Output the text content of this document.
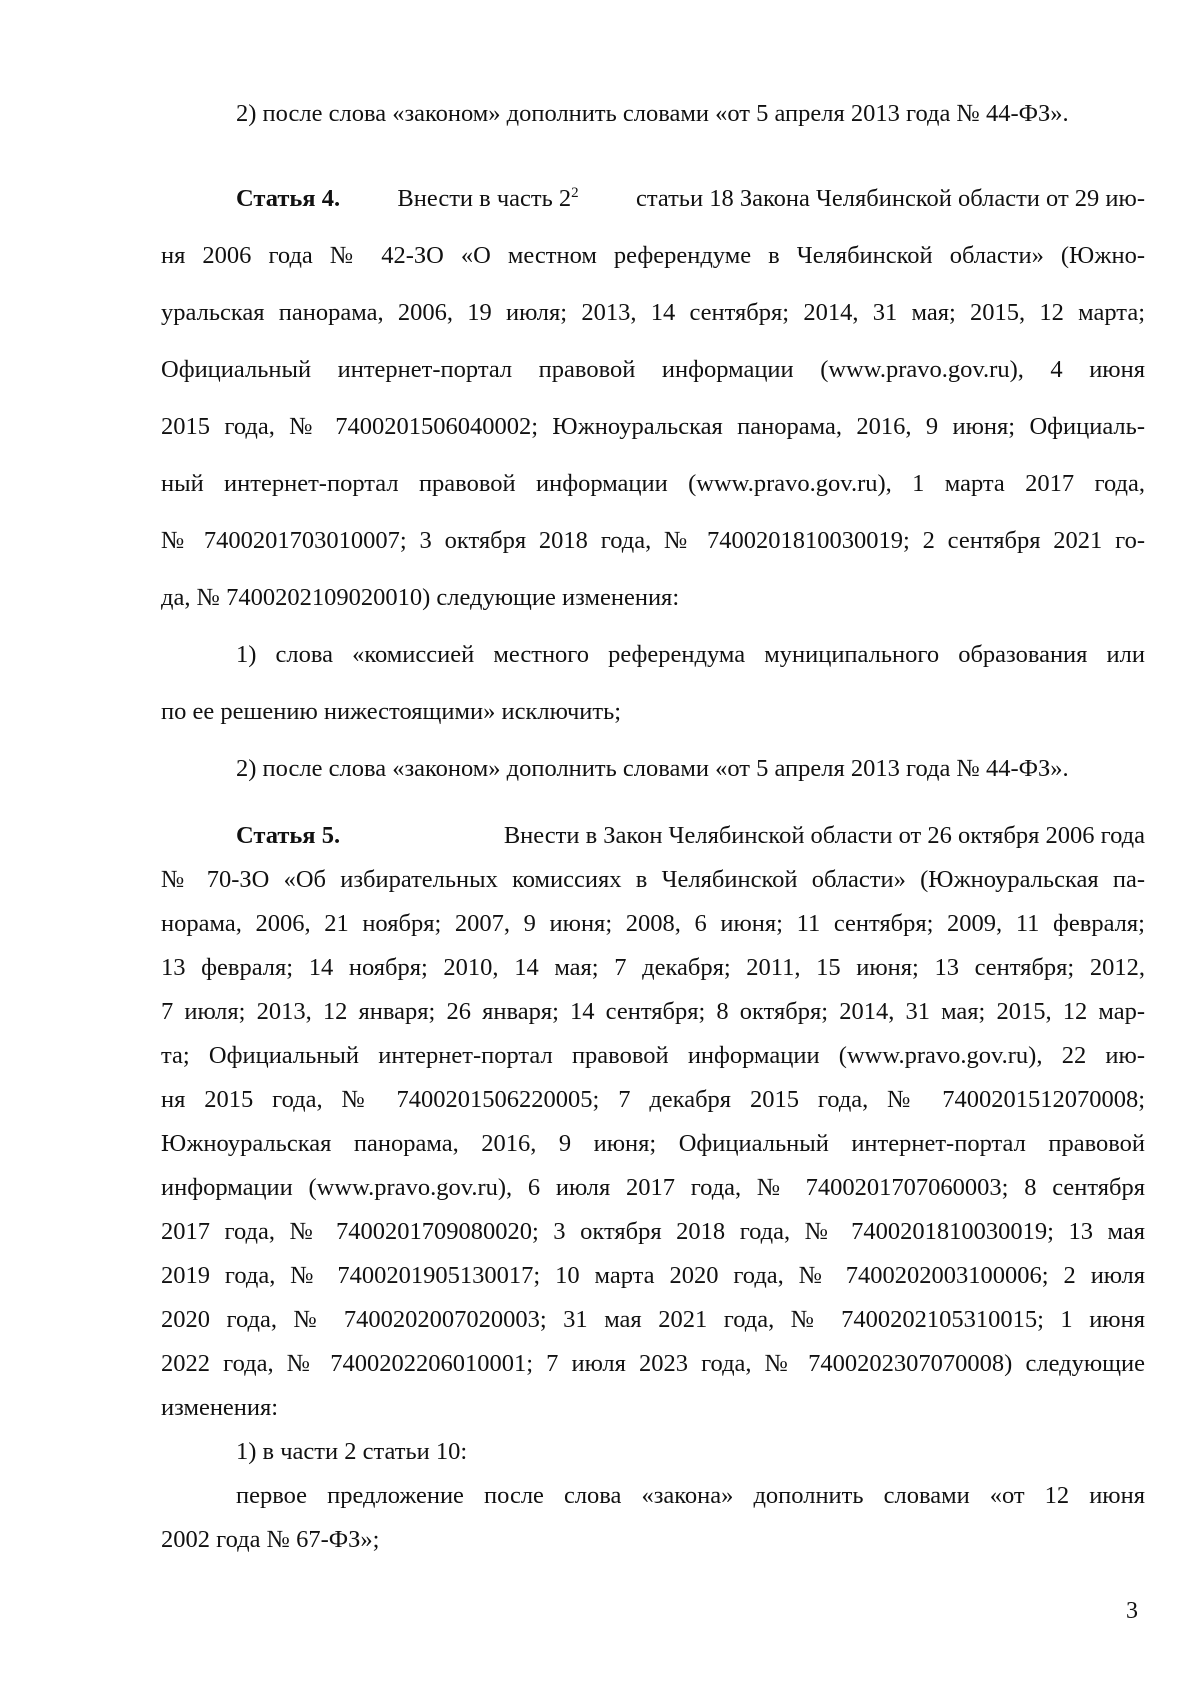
2) после слова «законом» дополнить словами «от 5 апреля 2013 года № 44-ФЗ».
Статья 4. Внести в часть $2^2$ статьи 18 Закона Челябинской области от 29 ию-
ня 2006 года № 42-ЗО «О местном референдуме в Челябинской области» (Южно-
уральская панорама, 2006, 19 июля; 2013, 14 сентября; 2014, 31 мая; 2015, 12 марта;
Официальный интернет-портал правовой информации (www.pravo.gov.ru), 4 июня
2015 года, № 7400201506040002; Южноуральская панорама, 2016, 9 июня; Официаль-
ный интернет-портал правовой информации (www.pravo.gov.ru), 1 марта 2017 года,
№ 7400201703010007; 3 октября 2018 года, № 7400201810030019; 2 сентября 2021 го-
да, № 7400202109020010) следующие изменения:
1) слова «комиссией местного референдума муниципального образования или
по ее решению нижестоящими» исключить;
2) после слова «законом» дополнить словами «от 5 апреля 2013 года № 44-ФЗ».
Статья 5.	Внести в Закон Челябинской области от 26 октября 2006 года
№ 70-ЗО «Об избирательных комиссиях в Челябинской области» (Южноуральская па-
норама, 2006, 21 ноября; 2007, 9 июня; 2008, 6 июня; 11 сентября; 2009, 11 февраля;
13 февраля; 14 ноября; 2010, 14 мая; 7 декабря; 2011, 15 июня; 13 сентября; 2012,
7 июля; 2013, 12 января; 26 января; 14 сентября; 8 октября; 2014, 31 мая; 2015, 12 мар-
та; Официальный интернет-портал правовой информации (www.pravo.gov.ru), 22 ию-
ня 2015 года, № 7400201506220005; 7 декабря 2015 года, № 7400201512070008;
Южноуральская панорама, 2016, 9 июня; Официальный интернет-портал правовой
информации (www.pravo.gov.ru), 6 июля 2017 года, № 7400201707060003; 8 сентября
2017 года, № 7400201709080020; 3 октября 2018 года, № 7400201810030019; 13 мая
2019 года, № 7400201905130017; 10 марта 2020 года, № 7400202003100006; 2 июля
2020 года, № 7400202007020003; 31 мая 2021 года, № 7400202105310015; 1 июня
2022 года, № 7400202206010001; 7 июля 2023 года, № 7400202307070008) следующие
изменения:
1) в части 2 статьи 10:
3
первое предложение после слова «закона» дополнить словами «от 12 июня
2002 года № 67-ФЗ»;
